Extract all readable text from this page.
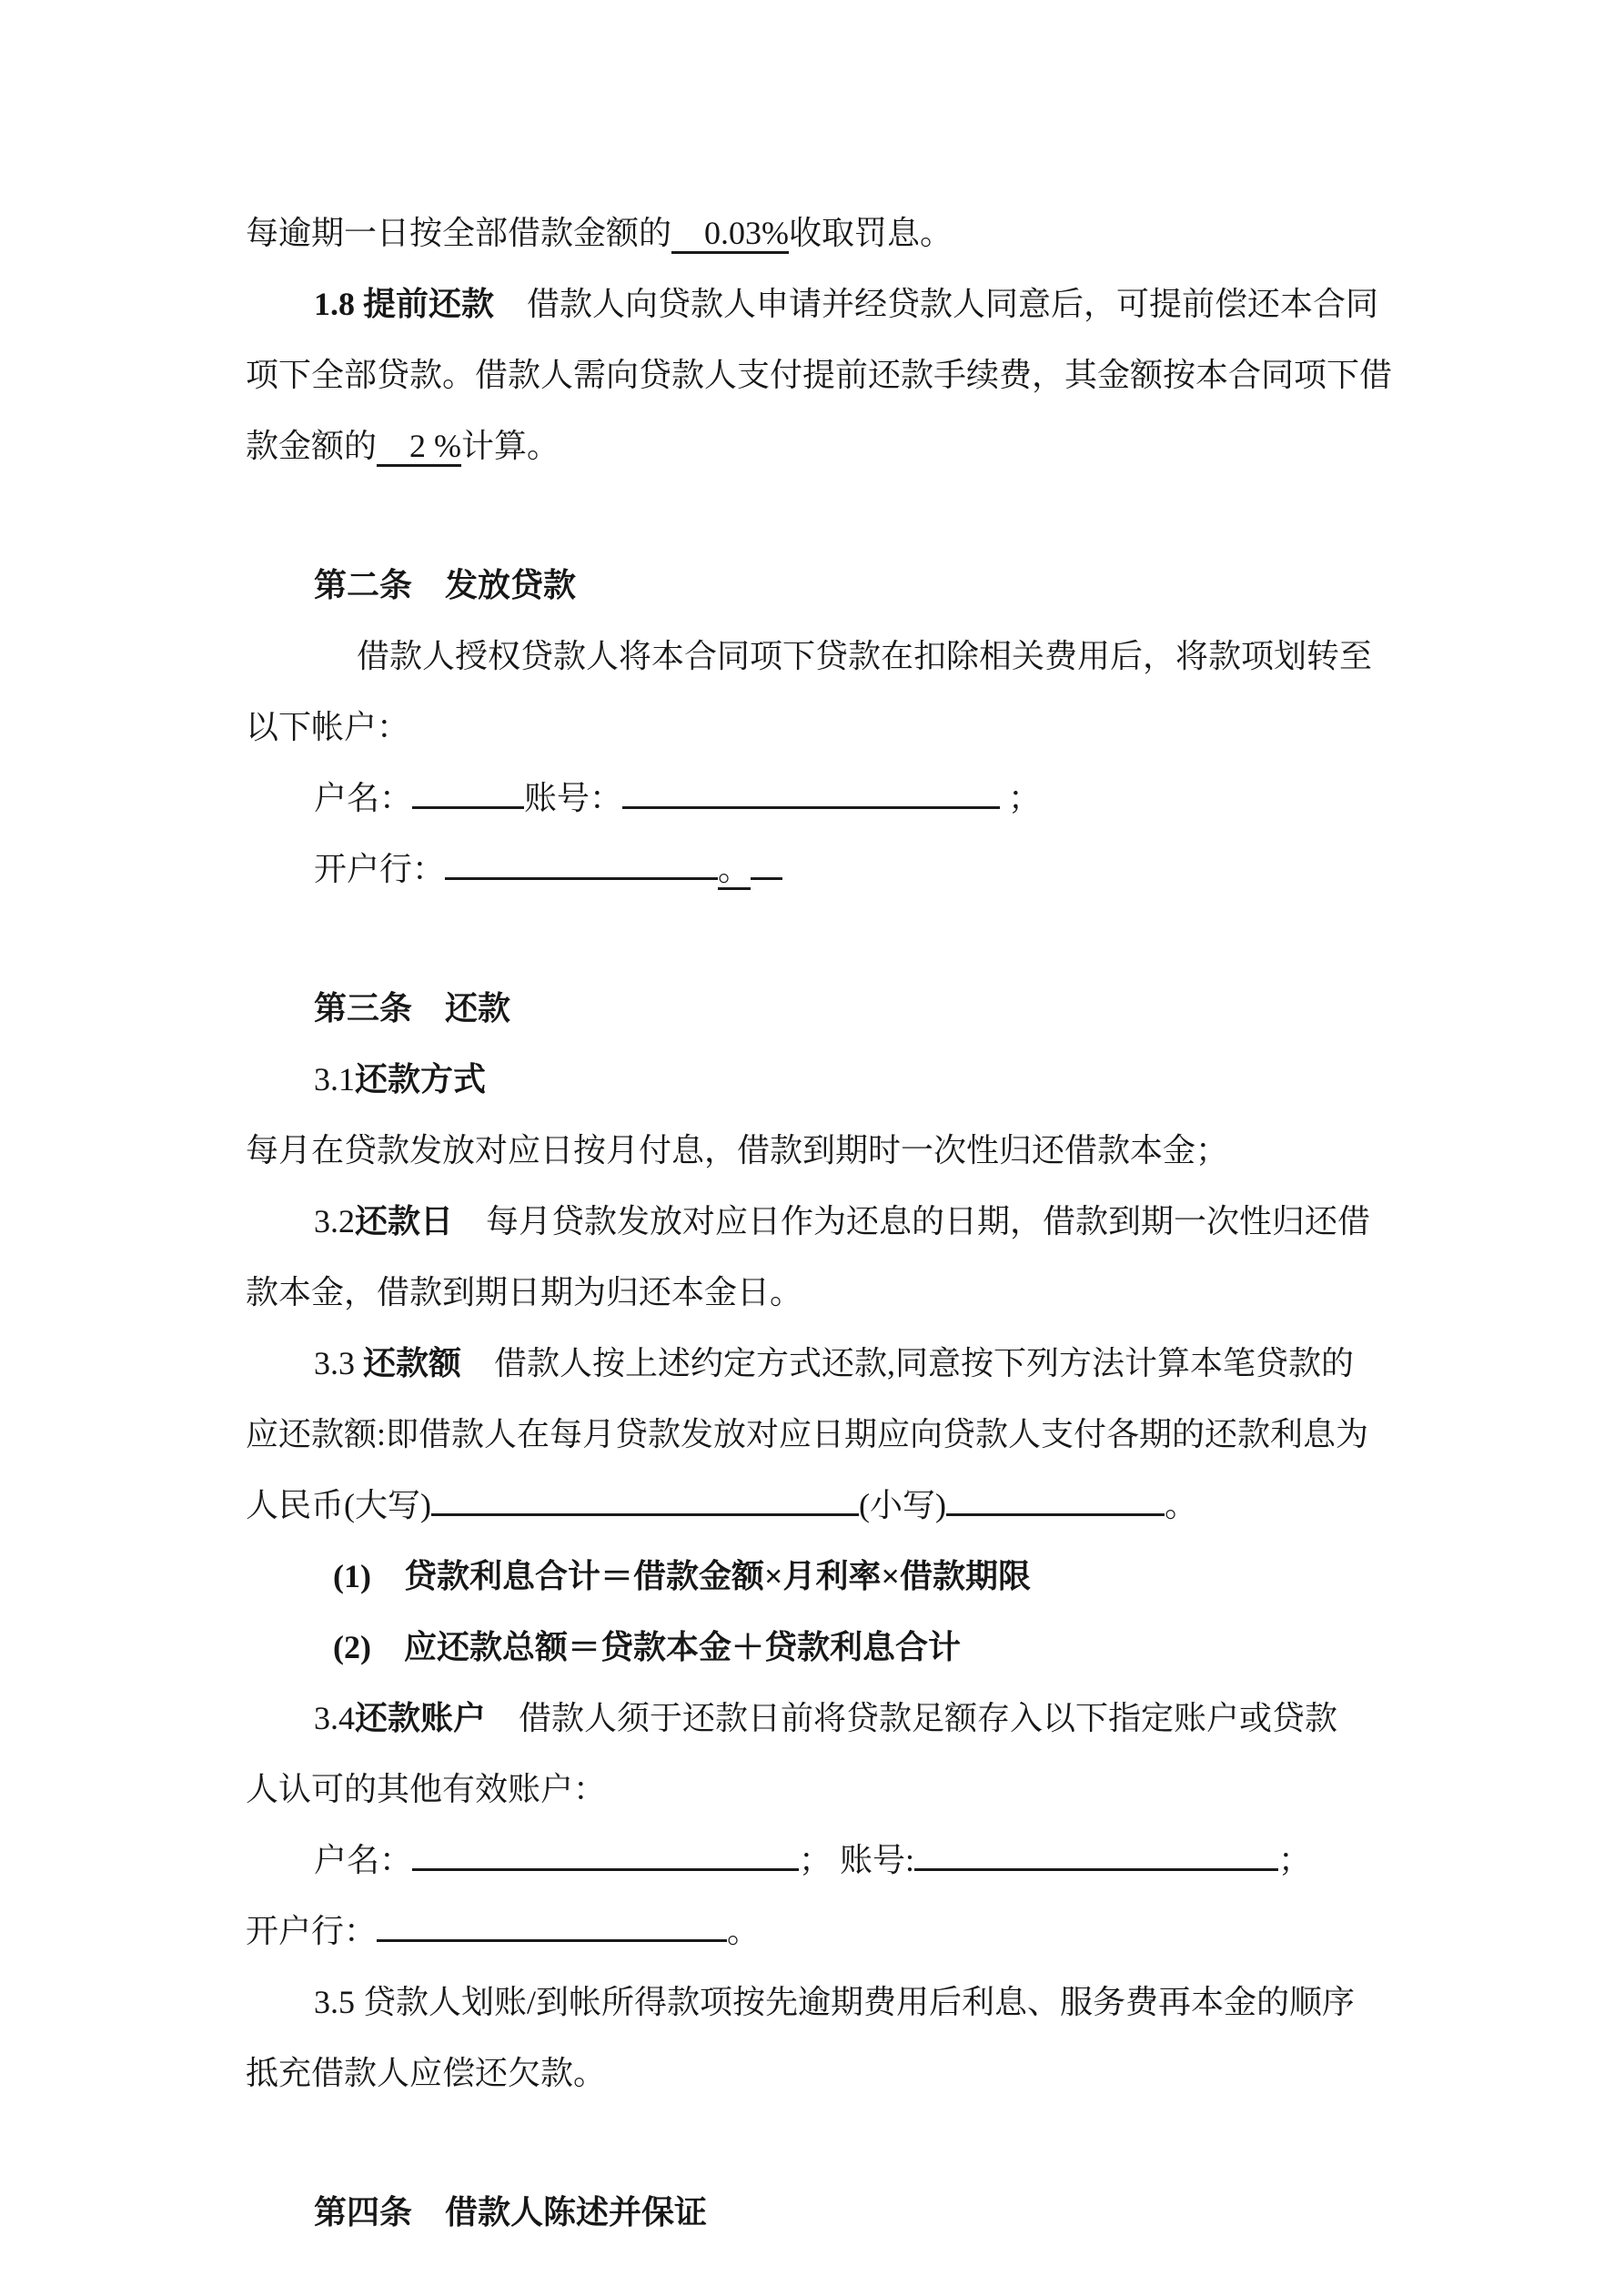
每逾期一日按全部借款金额的　0.03%收取罚息。
1.8 提前还款　借款人向贷款人申请并经贷款人同意后，可提前偿还本合同
项下全部贷款。借款人需向贷款人支付提前还款手续费，其金额按本合同项下借
款金额的　2 %计算。
第二条　发放贷款
借款人授权贷款人将本合同项下贷款在扣除相关费用后，将款项划转至
以下帐户：
户名：	账号：	；
开户行：	。
第三条　还款
3.1还款方式
每月在贷款发放对应日按月付息，借款到期时一次性归还借款本金；
3.2还款日　每月贷款发放对应日作为还息的日期，借款到期一次性归还借
款本金，借款到期日期为归还本金日。
3.3 还款额　借款人按上述约定方式还款,同意按下列方法计算本笔贷款的
应还款额:即借款人在每月贷款发放对应日期应向贷款人支付各期的还款利息为
人民币(大写)	(小写)	。
(1)　贷款利息合计＝借款金额×月利率×借款期限
(2)　应还款总额＝贷款本金＋贷款利息合计
3.4还款账户　借款人须于还款日前将贷款足额存入以下指定账户或贷款
人认可的其他有效账户：
户名：	； 账号:	；
开户行：	。
3.5 贷款人划账/到帐所得款项按先逾期费用后利息、服务费再本金的顺序
抵充借款人应偿还欠款。
第四条　借款人陈述并保证
